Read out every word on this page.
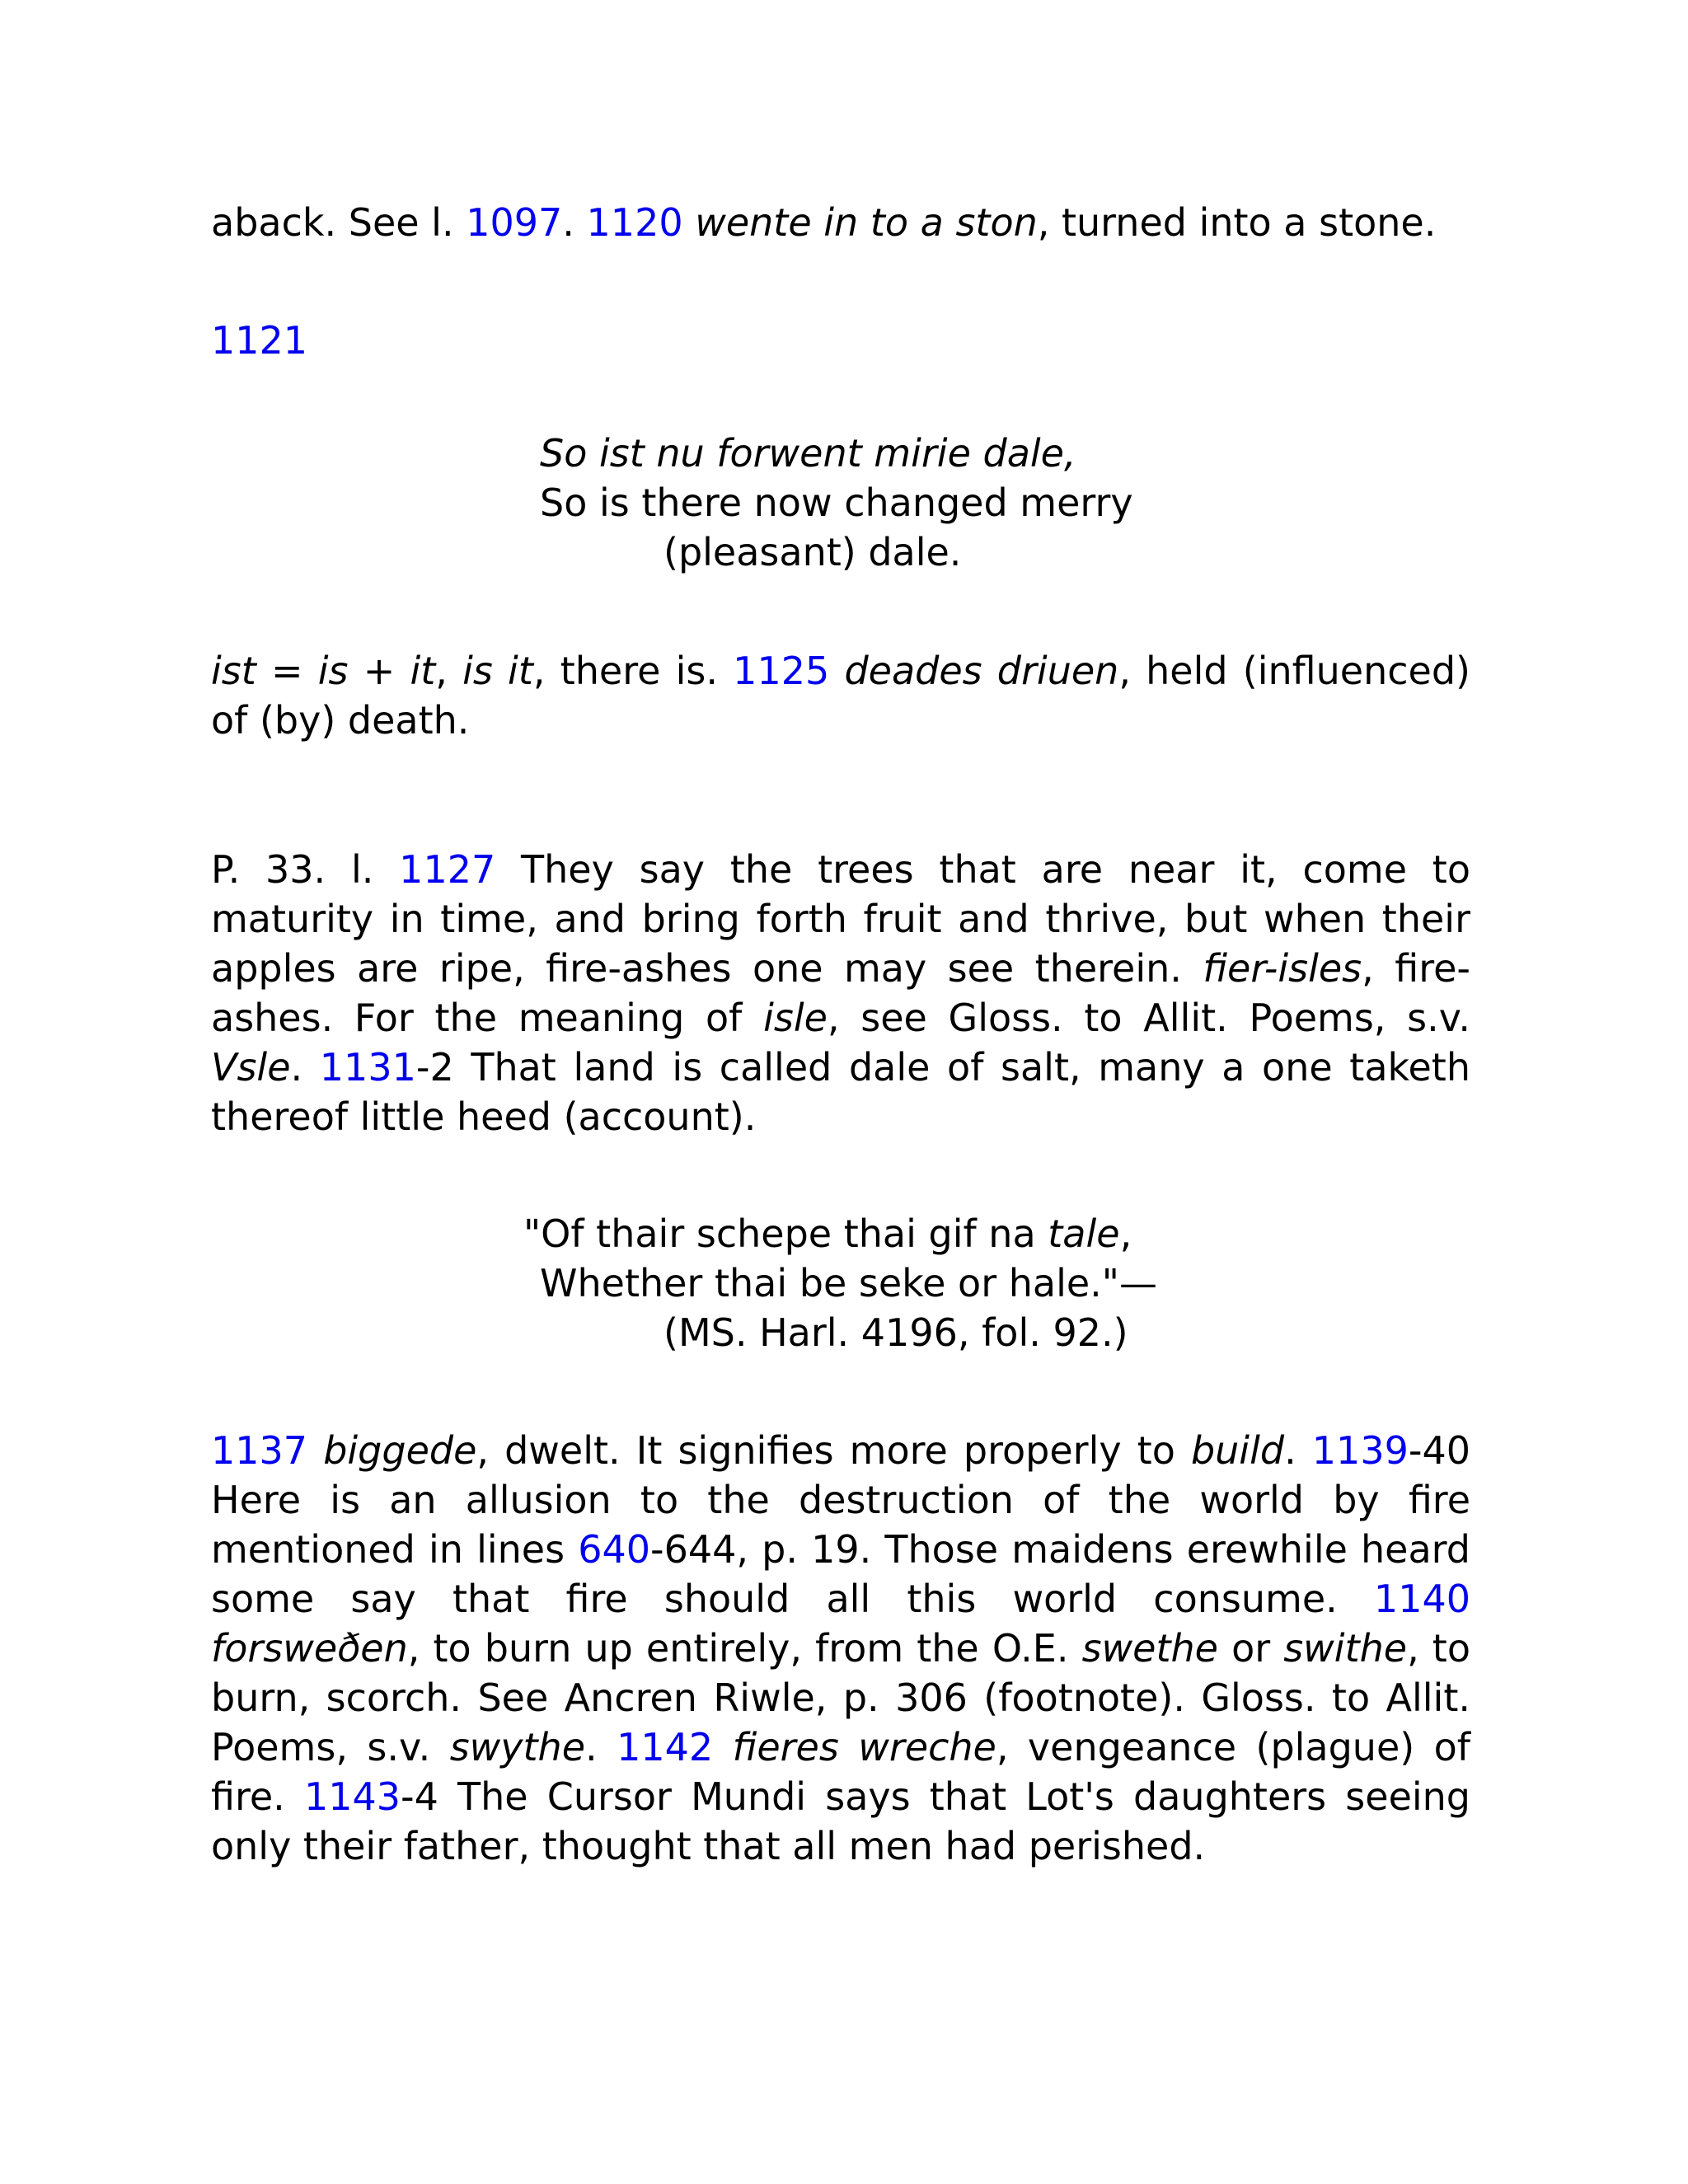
aback. See l. 1097. 1120 wente in to a ston, turned into a stone.

1121

So ist nu forwent mirie dale,
So is there now changed merry
(pleasant) dale.

ist = is + it, is it, there is. 1125 deades driuen, held (influenced) of (by) death.

P. 33. l. 1127 They say the trees that are near it, come to maturity in time, and bring forth fruit and thrive, but when their apples are ripe, fire-ashes one may see therein. fier-isles, fire-ashes. For the meaning of isle, see Gloss. to Allit. Poems, s.v. Vsle. 1131-2 That land is called dale of salt, many a one taketh thereof little heed (account).

"Of thair schepe thai gif na tale,
Whether thai be seke or hale."—
(MS. Harl. 4196, fol. 92.)

1137 biggede, dwelt. It signifies more properly to build. 1139-40 Here is an allusion to the destruction of the world by fire mentioned in lines 640-644, p. 19. Those maidens erewhile heard some say that fire should all this world consume. 1140 forsweðen, to burn up entirely, from the O.E. swethe or swithe, to burn, scorch. See Ancren Riwle, p. 306 (footnote). Gloss. to Allit. Poems, s.v. swythe. 1142 fieres wreche, vengeance (plague) of fire. 1143-4 The Cursor Mundi says that Lot's daughters seeing only their father, thought that all men had perished.
